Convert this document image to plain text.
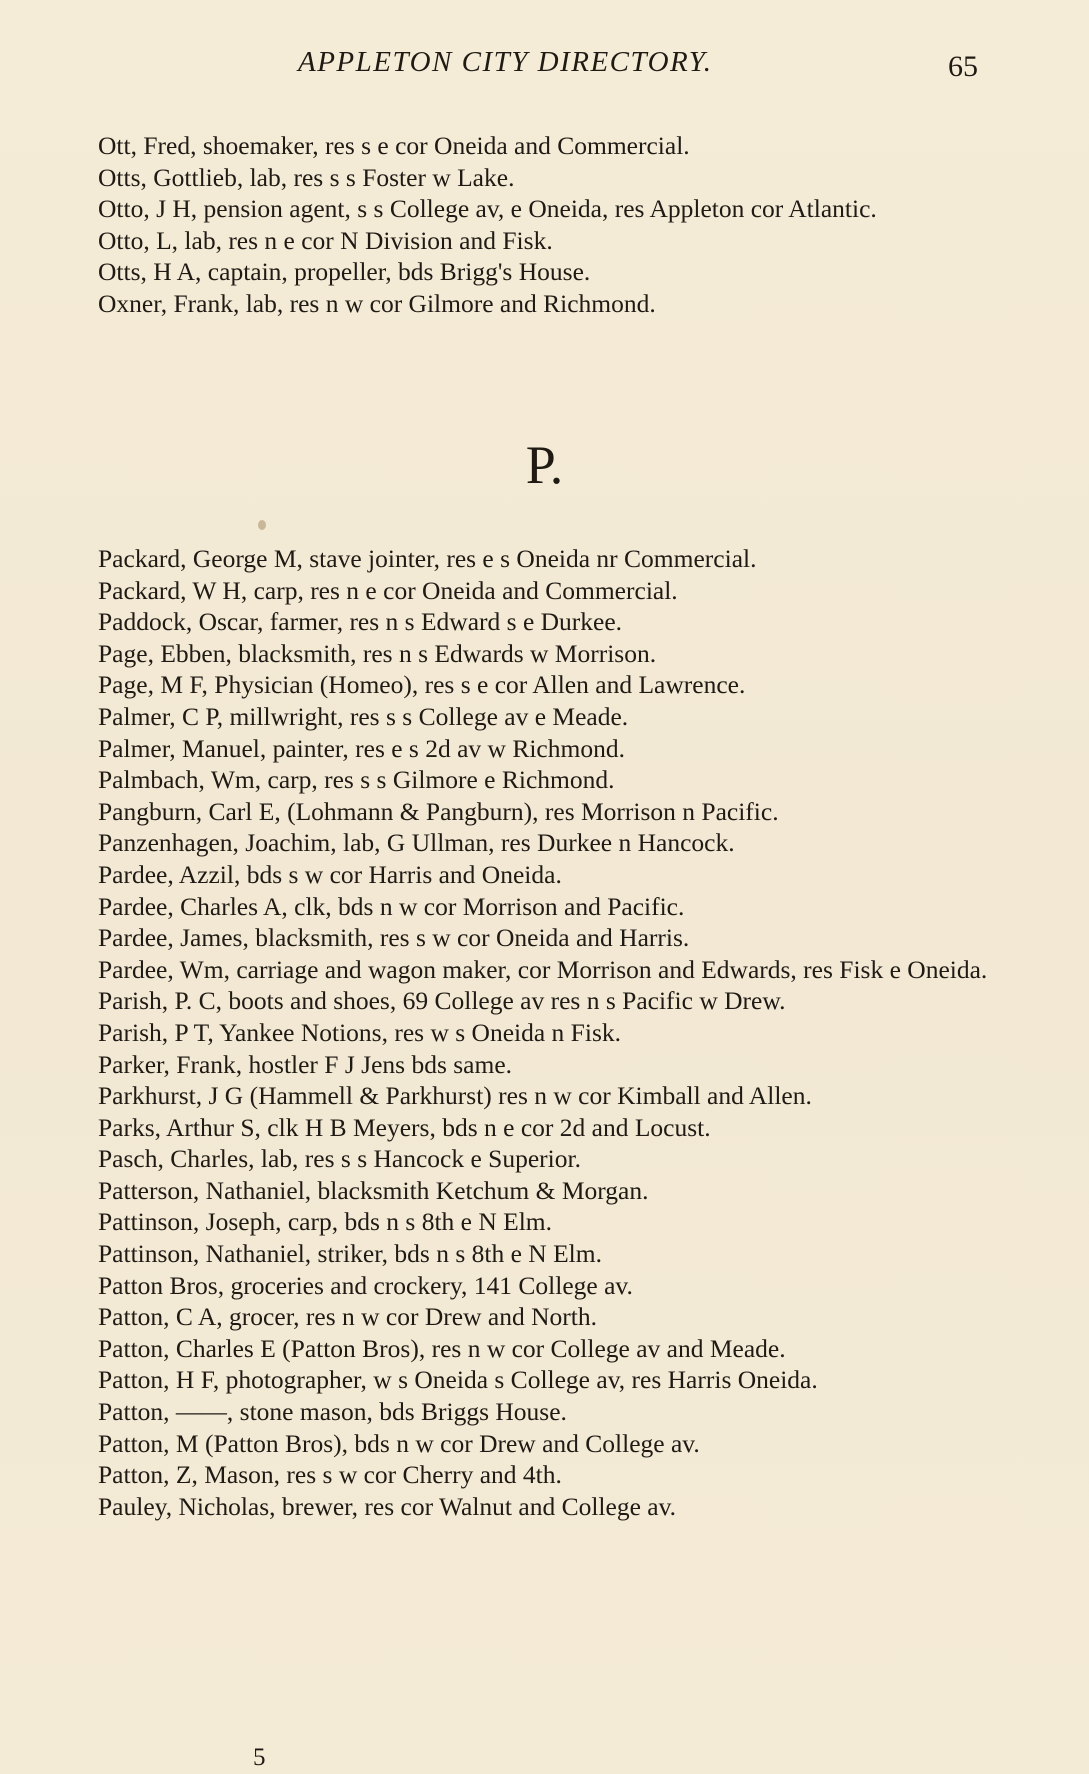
APPLETON CITY DIRECTORY.	65
Ott, Fred, shoemaker, res s e cor Oneida and Commercial.
Otts, Gottlieb, lab, res s s Foster w Lake.
Otto, J H, pension agent, s s College av, e Oneida, res Appleton cor Atlantic.
Otto, L, lab, res n e cor N Division and Fisk.
Otts, H A, captain, propeller, bds Brigg's House.
Oxner, Frank, lab, res n w cor Gilmore and Richmond.
P.
Packard, George M, stave jointer, res e s Oneida nr Commercial.
Packard, W H, carp, res n e cor Oneida and Commercial.
Paddock, Oscar, farmer, res n s Edward s e Durkee.
Page, Ebben, blacksmith, res n s Edwards w Morrison.
Page, M F, Physician (Homeo), res s e cor Allen and Lawrence.
Palmer, C P, millwright, res s s College av e Meade.
Palmer, Manuel, painter, res e s 2d av w Richmond.
Palmbach, Wm, carp, res s s Gilmore e Richmond.
Pangburn, Carl E, (Lohmann & Pangburn), res Morrison n Pacific.
Panzenhagen, Joachim, lab, G Ullman, res Durkee n Hancock.
Pardee, Azzil, bds s w cor Harris and Oneida.
Pardee, Charles A, clk, bds n w cor Morrison and Pacific.
Pardee, James, blacksmith, res s w cor Oneida and Harris.
Pardee, Wm, carriage and wagon maker, cor Morrison and Edwards, res Fisk e Oneida.
Parish, P. C, boots and shoes, 69 College av res n s Pacific w Drew.
Parish, P T, Yankee Notions, res w s Oneida n Fisk.
Parker, Frank, hostler F J Jens bds same.
Parkhurst, J G (Hammell & Parkhurst) res n w cor Kimball and Allen.
Parks, Arthur S, clk H B Meyers, bds n e cor 2d and Locust.
Pasch, Charles, lab, res s s Hancock e Superior.
Patterson, Nathaniel, blacksmith Ketchum & Morgan.
Pattinson, Joseph, carp, bds n s 8th e N Elm.
Pattinson, Nathaniel, striker, bds n s 8th e N Elm.
Patton Bros, groceries and crockery, 141 College av.
Patton, C A, grocer, res n w cor Drew and North.
Patton, Charles E (Patton Bros), res n w cor College av and Meade.
Patton, H F, photographer, w s Oneida s College av, res Harris Oneida.
Patton, ——, stone mason, bds Briggs House.
Patton, M (Patton Bros), bds n w cor Drew and College av.
Patton, Z, Mason, res s w cor Cherry and 4th.
Pauley, Nicholas, brewer, res cor Walnut and College av.
5
